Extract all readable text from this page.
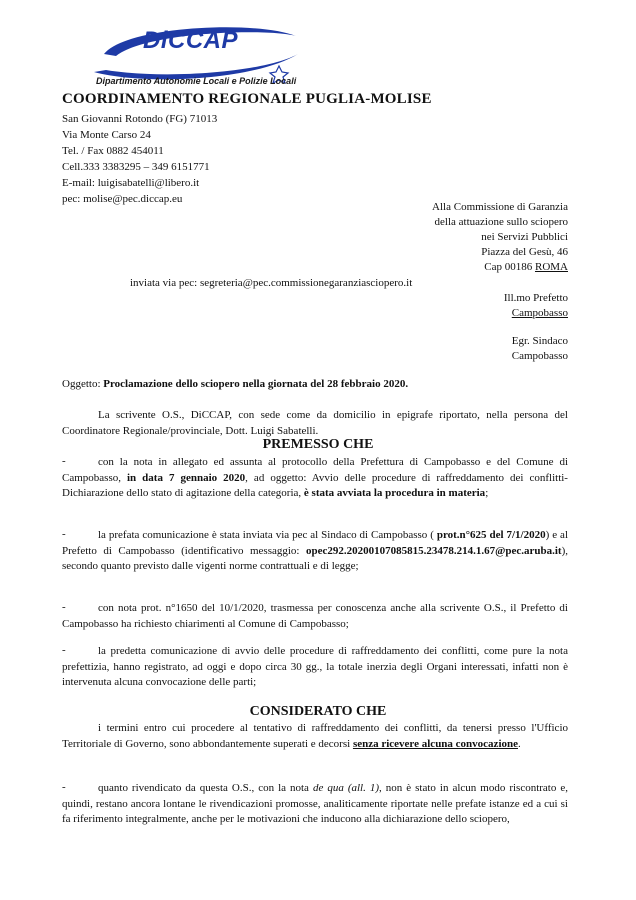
DiCCAP
Dipartimento Autonomie Locali e Polizie Locali
COORDINAMENTO REGIONALE PUGLIA-MOLISE
San Giovanni Rotondo (FG) 71013
Via Monte Carso 24
Tel. / Fax 0882 454011
Cell.333 3383295 – 349 6151771
E-mail: luigisabatelli@libero.it
pec: molise@pec.diccap.eu
Alla Commissione di Garanzia
della attuazione sullo sciopero
nei Servizi Pubblici
Piazza del Gesù, 46
Cap 00186 ROMA
inviata via pec: segreteria@pec.commissionegaranziasciopero.it
Ill.mo Prefetto
Campobasso
Egr. Sindaco
Campobasso
Oggetto: Proclamazione dello sciopero nella giornata del 28 febbraio 2020.
La scrivente O.S., DiCCAP, con sede come da domicilio in epigrafe riportato, nella persona del Coordinatore Regionale/provinciale, Dott. Luigi Sabatelli.
PREMESSO CHE
-	con la nota in allegato ed assunta al protocollo della Prefettura di Campobasso e del Comune di Campobasso, in data 7 gennaio 2020, ad oggetto: Avvio delle procedure di raffreddamento dei conflitti-Dichiarazione dello stato di agitazione della categoria, è stata avviata la procedura in materia;
-	la prefata comunicazione è stata inviata via pec al Sindaco di Campobasso ( prot.n°625 del 7/1/2020) e al Prefetto di Campobasso (identificativo messaggio: opec292.20200107085815.23478.214.1.67@pec.aruba.it), secondo quanto previsto dalle vigenti norme contrattuali e di legge;
-	con nota prot. n°1650 del 10/1/2020, trasmessa per conoscenza anche alla scrivente O.S., il Prefetto di Campobasso ha richiesto chiarimenti al Comune di Campobasso;
-	la predetta comunicazione di avvio delle procedure di raffreddamento dei conflitti, come pure la nota prefettizia, hanno registrato, ad oggi e dopo circa 30 gg., la totale inerzia degli Organi interessati, infatti non è intervenuta alcuna convocazione delle parti;
CONSIDERATO CHE
i termini entro cui procedere al tentativo di raffreddamento dei conflitti, da tenersi presso l'Ufficio Territoriale di Governo, sono abbondantemente superati e decorsi senza ricevere alcuna convocazione.
-	quanto rivendicato da questa O.S., con la nota de qua (all. 1), non è stato in alcun modo riscontrato e, quindi, restano ancora lontane le rivendicazioni promosse, analiticamente riportate nelle prefate istanze ed a cui si fa riferimento integralmente, anche per le motivazioni che inducono alla dichiarazione dello sciopero,
